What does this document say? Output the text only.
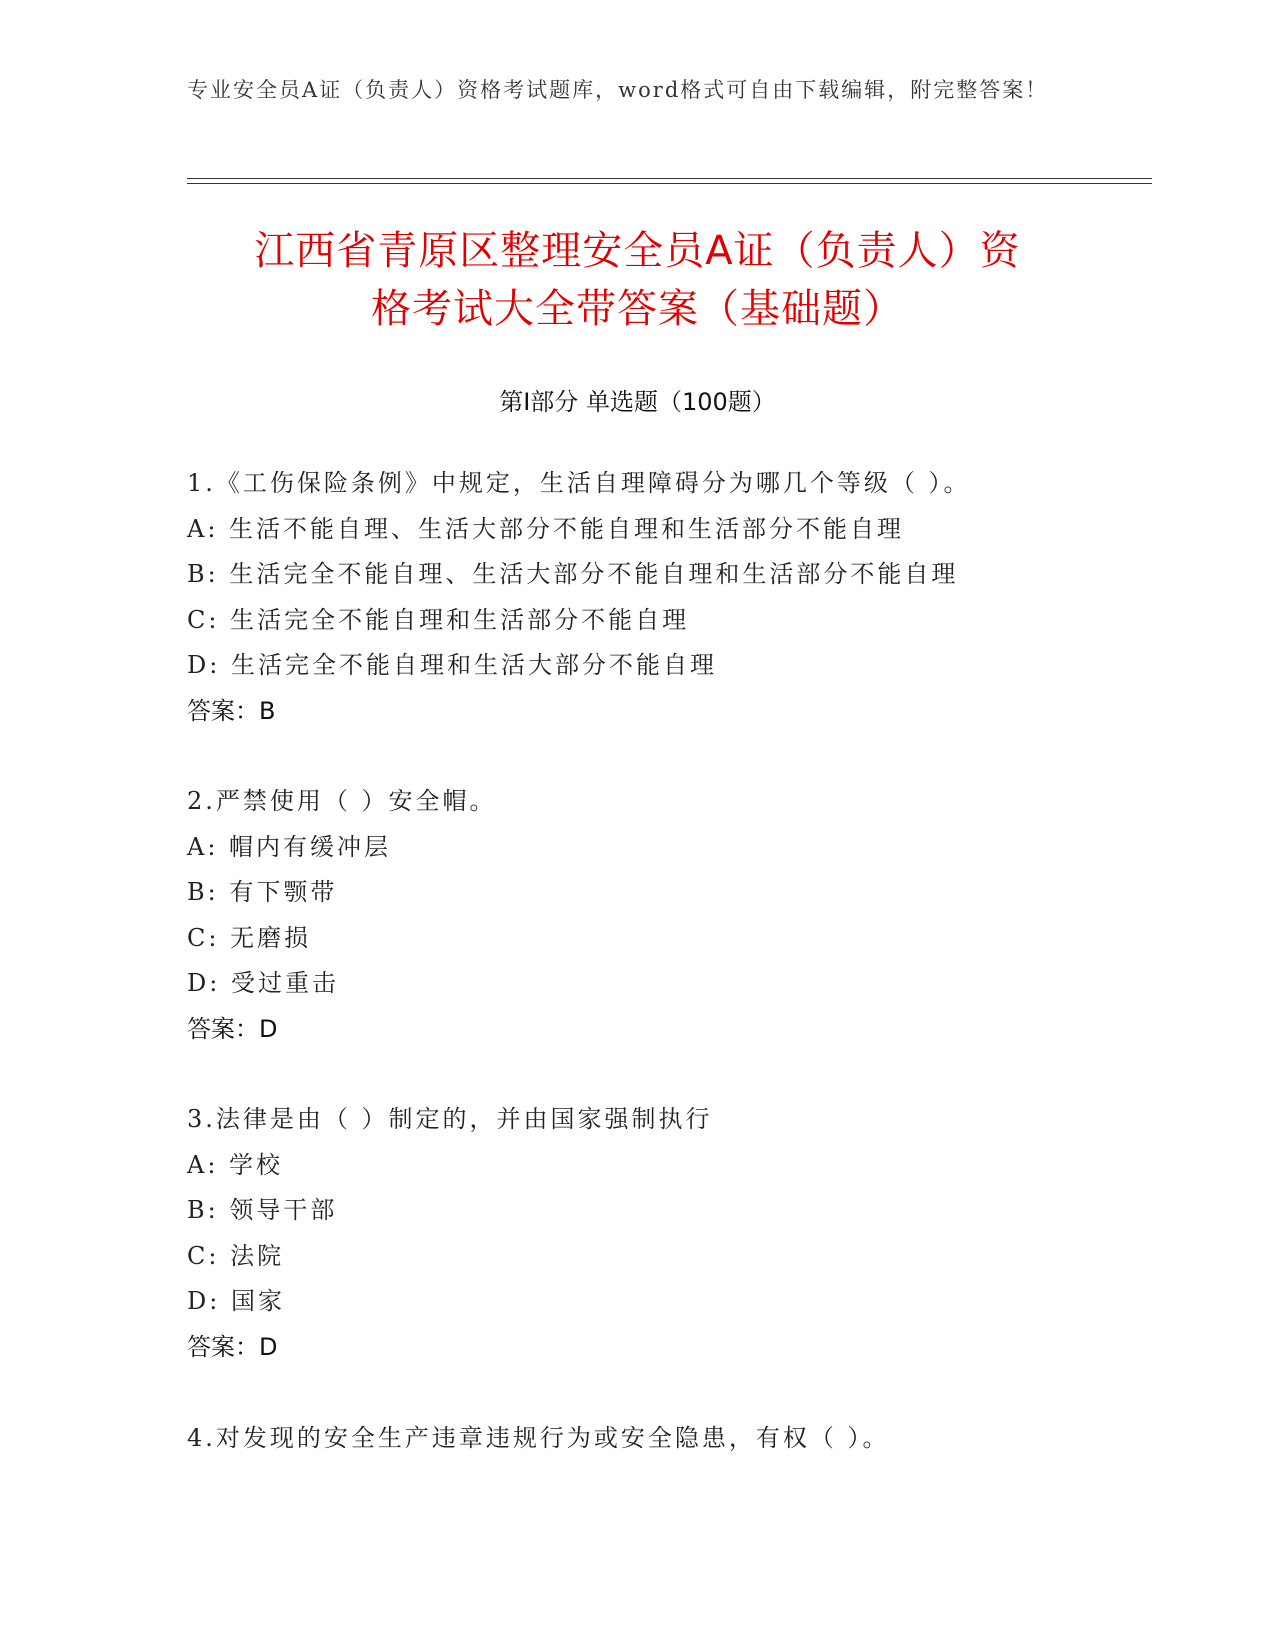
专业安全员A证（负责人）资格考试题库，word格式可自由下载编辑，附完整答案！
江西省青原区整理安全员A证（负责人）资
格考试大全带答案（基础题）
第I部分 单选题（100题）
1.《工伤保险条例》中规定，生活自理障碍分为哪几个等级（ ）。
A: 生活不能自理、生活大部分不能自理和生活部分不能自理
B: 生活完全不能自理、生活大部分不能自理和生活部分不能自理
C: 生活完全不能自理和生活部分不能自理
D: 生活完全不能自理和生活大部分不能自理
答案：B
2.严禁使用（ ）安全帽。
A: 帽内有缓冲层
B: 有下颚带
C: 无磨损
D: 受过重击
答案：D
3.法律是由（ ）制定的，并由国家强制执行
A: 学校
B: 领导干部
C: 法院
D: 国家
答案：D
4.对发现的安全生产违章违规行为或安全隐患，有权（ ）。
